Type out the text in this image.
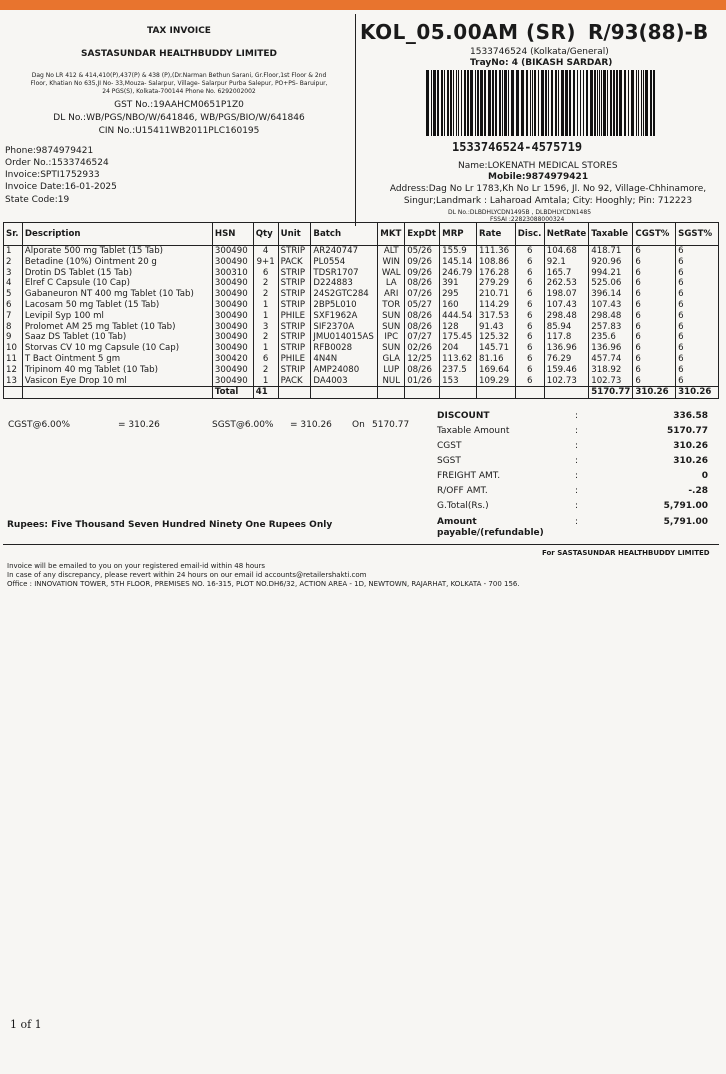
TAX INVOICE
SASTASUNDAR HEALTHBUDDY LIMITED
Dag No LR 412 & 414,410(P),437(P) & 438 (P),(Dr.Narman Bethun Sarani, Gr.Floor,1st Floor & 2nd
Floor, Khatian No 635,JI No- 33,Mouza- Salarpur, Village- Salarpur Purba Salepur, PO+PS- Baruipur,
24 PGS(S), Kolkata-700144 Phone No. 6292002002
GST No.:19AAHCM0651P1Z0
DL No.:WB/PGS/NBO/W/641846, WB/PGS/BIO/W/641846
CIN No.:U15411WB2011PLC160195
Phone:9874979421
Order No.:1533746524
Invoice:SPTI1752933
Invoice Date:16-01-2025
State Code:19
KOL_05.00AM (SR) R/93(88)-B
1533746524 (Kolkata/General)
TrayNo: 4 (BIKASH SARDAR)
1533746524-4575719
Name:LOKENATH MEDICAL STORES
Mobile:9874979421
Address:Dag No Lr 1783,Kh No Lr 1596, Jl. No 92, Village-Chhinamore,
Singur;Landmark : Laharoad Amtala; City: Hooghly; Pin: 712223
DL No.:DLBDHLYCDN1495B , DLBDHLYCDN1485
FSSAI :22823088000324
Sr.	Description	HSN	Qty	Unit	Batch	MKT	ExpDt	MRP	Rate	Disc.	NetRate	Taxable	CGST%	SGST%
1	Alporate 500 mg Tablet (15 Tab)	300490	4	STRIP	AR240747	ALT	05/26	155.9	111.36	6	104.68	418.71	6	6
2	Betadine (10%) Ointment 20 g	300490	9+1	PACK	PL0554	WIN	09/26	145.14	108.86	6	92.1	920.96	6	6
3	Drotin DS Tablet (15 Tab)	300310	6	STRIP	TDSR1707	WAL	09/26	246.79	176.28	6	165.7	994.21	6	6
4	Elref C Capsule (10 Cap)	300490	2	STRIP	D224883	LA	08/26	391	279.29	6	262.53	525.06	6	6
5	Gabaneuron NT 400 mg Tablet (10 Tab)	300490	2	STRIP	24S2GTC284	ARI	07/26	295	210.71	6	198.07	396.14	6	6
6	Lacosam 50 mg Tablet (15 Tab)	300490	1	STRIP	2BP5L010	TOR	05/27	160	114.29	6	107.43	107.43	6	6
7	Levipil Syp 100 ml	300490	1	PHILE	SXF1962A	SUN	08/26	444.54	317.53	6	298.48	298.48	6	6
8	Prolomet AM 25 mg Tablet (10 Tab)	300490	3	STRIP	SIF2370A	SUN	08/26	128	91.43	6	85.94	257.83	6	6
9	Saaz DS Tablet (10 Tab)	300490	2	STRIP	JMU014015AS	IPC	07/27	175.45	125.32	6	117.8	235.6	6	6
10	Storvas CV 10 mg Capsule (10 Cap)	300490	1	STRIP	RFB0028	SUN	02/26	204	145.71	6	136.96	136.96	6	6
11	T Bact Ointment 5 gm	300420	6	PHILE	4N4N	GLA	12/25	113.62	81.16	6	76.29	457.74	6	6
12	Tripinom 40 mg Tablet (10 Tab)	300490	2	STRIP	AMP24080	LUP	08/26	237.5	169.64	6	159.46	318.92	6	6
13	Vasicon Eye Drop 10 ml	300490	1	PACK	DA4003	NUL	01/26	153	109.29	6	102.73	102.73	6	6
		Total	41									5170.77	310.26	310.26
CGST@6.00%	= 310.26	SGST@6.00% = 310.26 On 5170.77
DISCOUNT	:	336.58
Taxable Amount	:	5170.77
CGST	:	310.26
SGST	:	310.26
FREIGHT AMT.	:	0
R/OFF AMT.	:	-.28
G.Total(Rs.)	:	5,791.00
Amount payable/(refundable)
:	5,791.00
Rupees: Five Thousand Seven Hundred Ninety One Rupees Only
For SASTASUNDAR HEALTHBUDDY LIMITED
Invoice will be emailed to you on your registered email-id within 48 hours
In case of any discrepancy, please revert within 24 hours on our email id accounts@retailershakti.com
Office : INNOVATION TOWER, 5TH FLOOR, PREMISES NO. 16-315, PLOT NO.DH6/32, ACTION AREA - 1D, NEWTOWN, RAJARHAT, KOLKATA - 700 156.
1 of 1
